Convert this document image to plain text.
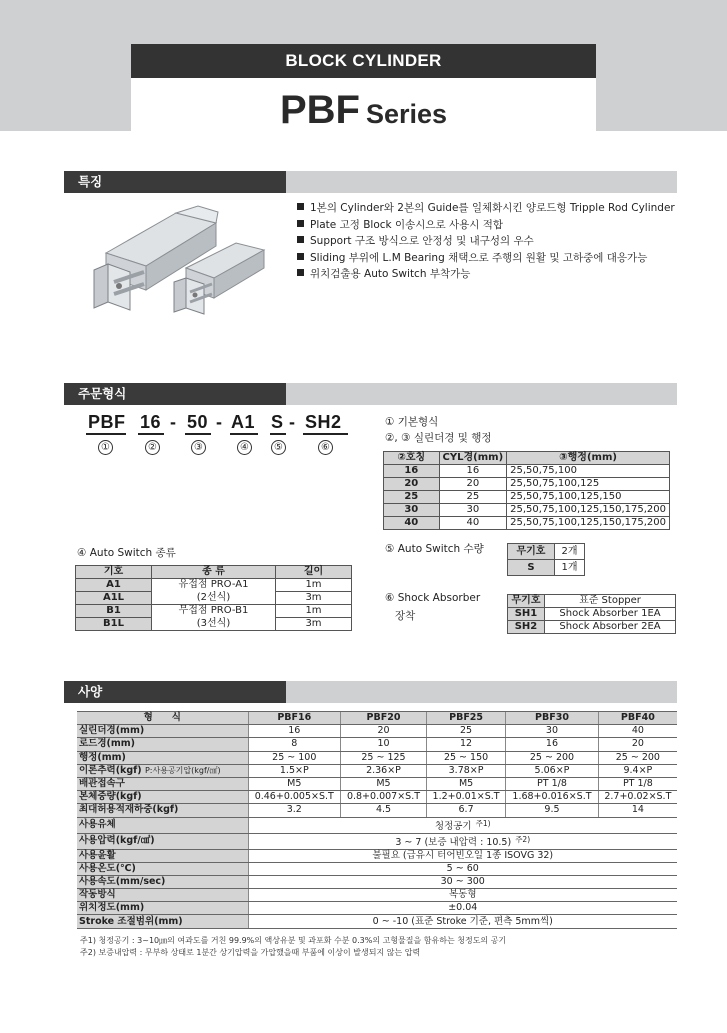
BLOCK CYLINDER
PBF Series
특징
1본의 Cylinder와 2본의 Guide를 일체화시킨 양로드형 Tripple Rod Cylinder
Plate 고정 Block 이송시으로 사용시 적합
Support 구조 방식으로 안정성 및 내구성의 우수
Sliding 부위에 L.M Bearing 채택으로 주행의 원활 및 고하중에 대응가능
위치검출용 Auto Switch 부착가능
주문형식
PBF 16 - 50 - A1 S - SH2
①	②	③	④	⑤	⑥
① 기본형식
②, ③ 실린더경 및 행정
②호칭	CYL경(mm)	③행정(mm)
16	16	25,50,75,100
20	20	25,50,75,100,125
25	25	25,50,75,100,125,150
30	30	25,50,75,100,125,150,175,200
40	40	25,50,75,100,125,150,175,200
④ Auto Switch 종류
기호	종 류	길이
A1	유접점 PRO-A1	1m
A1L	(2선식)	3m
B1	무접점 PRO-B1	1m
B1L	(3선식)	3m
⑤ Auto Switch 수량	무기호	2개
S	1개
⑥ Shock Absorber
장착
무기호	표준 Stopper
SH1	Shock Absorber 1EA
SH2	Shock Absorber 2EA
사양
형　　식	PBF16	PBF20	PBF25	PBF30	PBF40
실린더경(mm)	16	20	25	30	40
로드경(mm)	8	10	12	16	20
행정(mm)	25 ~ 100	25 ~ 125	25 ~ 150	25 ~ 200	25 ~ 200
이론추력(kgf) P:사용공기압(kgf/㎠)	1.5×P	2.36×P	3.78×P	5.06×P	9.4×P
배관접속구	M5	M5	M5	PT 1/8	PT 1/8
본체중량(kgf)	0.46+0.005×S.T	0.8+0.007×S.T	1.2+0.01×S.T	1.68+0.016×S.T	2.7+0.02×S.T
최대허용적재하중(kgf)	3.2	4.5	6.7	9.5	14
사용유체	청정공기 $^{주1)}$
사용압력(kgf/㎠)	3 ~ 7 (보증 내압력 : 10.5) $^{주2)}$
사용윤활	불필요 (급유시 터어빈오일 1종 ISOVG 32)				
사용온도(℃)	5 ~ 60				
사용속도(mm/sec)	30 ~ 300				
작동방식	복동형				
위치정도(mm)	±0.04				
Stroke 조절범위(mm)	0 ~ -10 (표준 Stroke 기준, 편측 5mm씩)				
주1) 청정공기 : 3~10㎛의 여과도를 거친 99.9%의 액상유분 및 과포화 수분 0.3%의 고형물질을 함유하는 청정도의 공기
주2) 보증내압력 : 무부하 상태로 1분간 상기압력을 가압했을때 부품에 이상이 발생되지 않는 압력
